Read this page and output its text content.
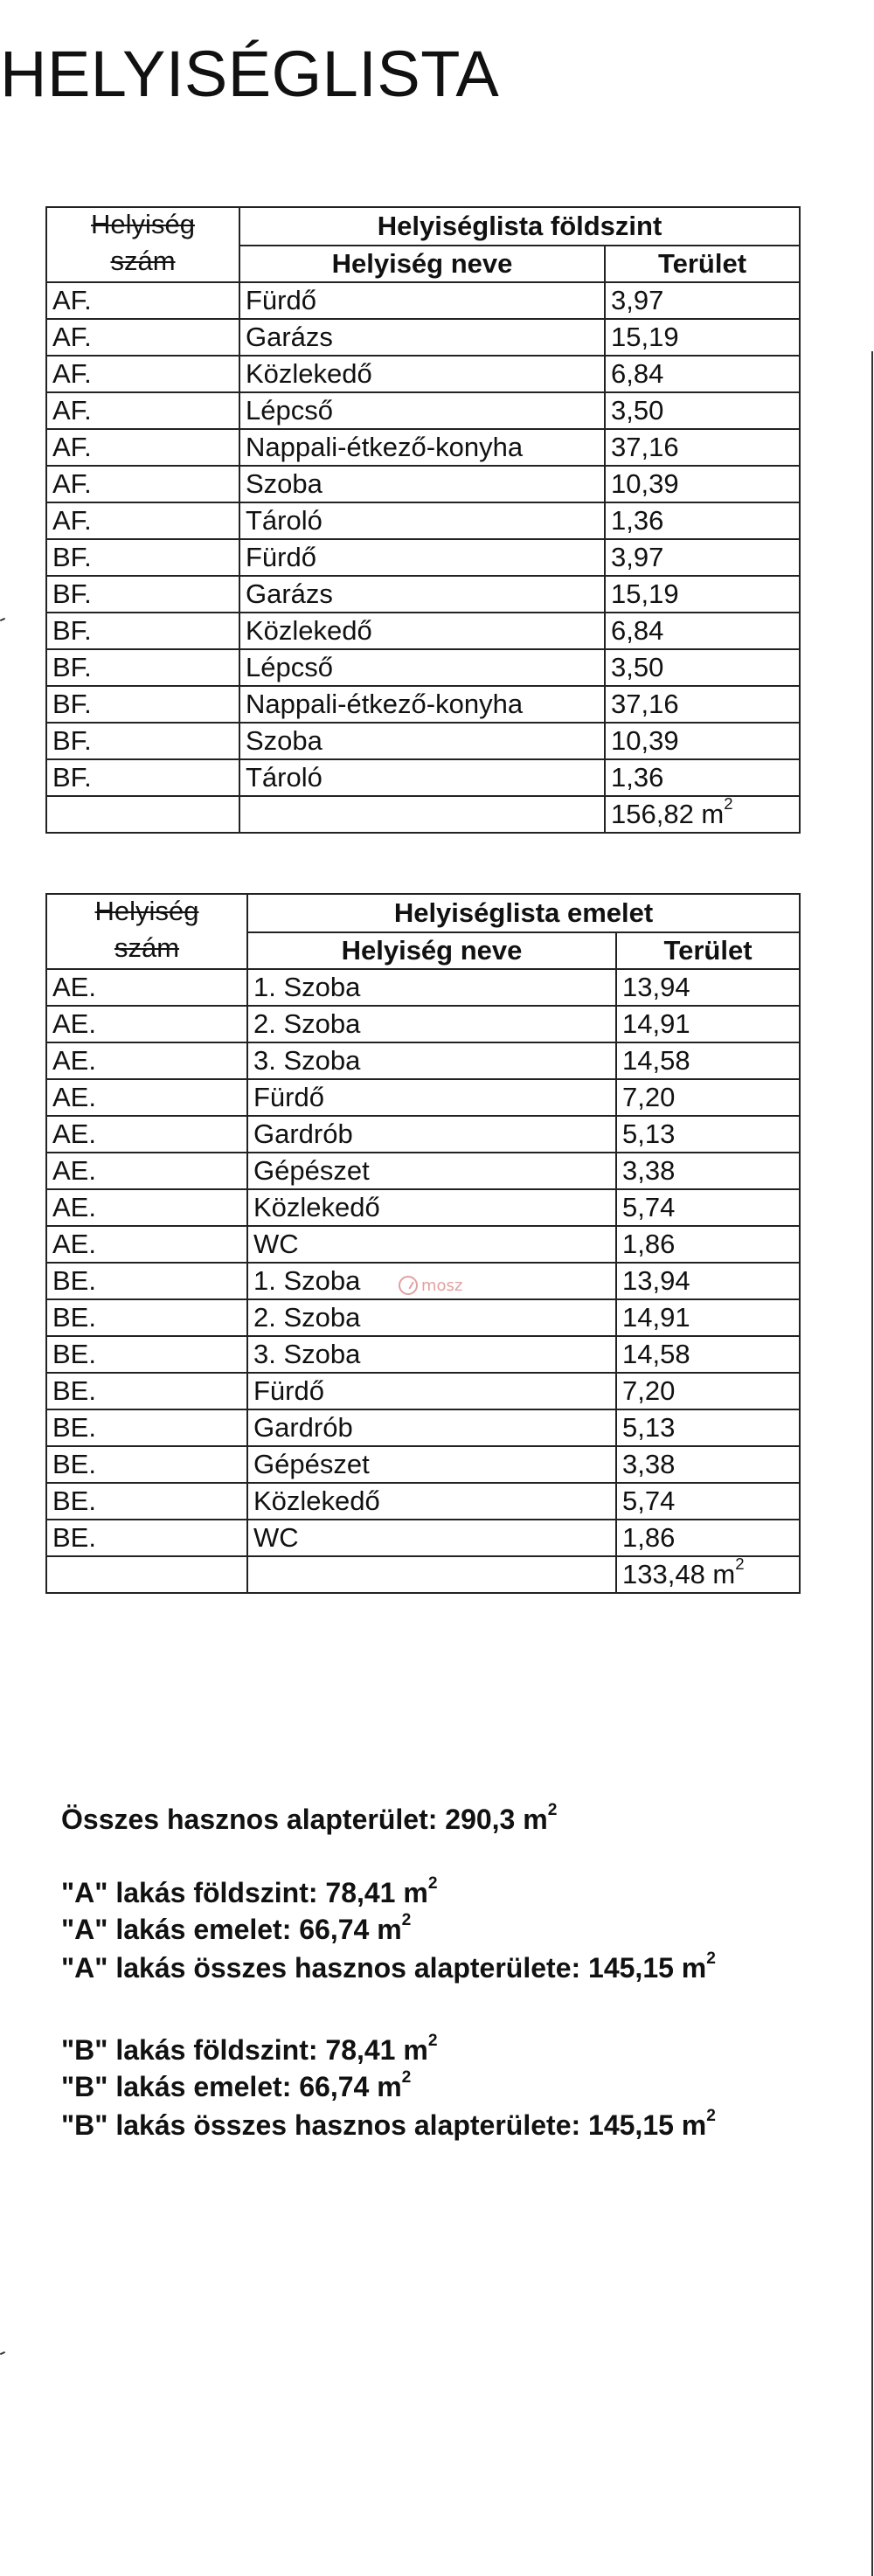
HELYISÉGLISTA
Helyiség
szám	Helyiséglista földszint	
	Helyiség neve	Terület
AF.	Fürdő	3,97
AF.	Garázs	15,19
AF.	Közlekedő	6,84
AF.	Lépcső	3,50
AF.	Nappali-étkező-konyha	37,16
AF.	Szoba	10,39
AF.	Tároló	1,36
BF.	Fürdő	3,97
BF.	Garázs	15,19
BF.	Közlekedő	6,84
BF.	Lépcső	3,50
BF.	Nappali-étkező-konyha	37,16
BF.	Szoba	10,39
BF.	Tároló	1,36
		156,82 $m^2$
Helyiség
szám	Helyiséglista emelet	
	Helyiség neve	Terület
AE.	1. Szoba	13,94
AE.	2. Szoba	14,91
AE.	3. Szoba	14,58
AE.	Fürdő	7,20
AE.	Gardrób	5,13
AE.	Gépészet	3,38
AE.	Közlekedő	5,74
AE.	WC	1,86
BE.	1. Szoba	13,94
BE.	2. Szoba	14,91
BE.	3. Szoba	14,58
BE.	Fürdő	7,20
BE.	Gardrób	5,13
BE.	Gépészet	3,38
BE.	Közlekedő	5,74
BE.	WC	1,86
		133,48 $m^2$
mosz
Összes hasznos alapterület: 290,3 $m^2$
"A" lakás földszint: 78,41 $m^2$
"A" lakás emelet: 66,74 $m^2$
"A" lakás összes hasznos alapterülete: 145,15 $m^2$
"B" lakás földszint: 78,41 $m^2$
"B" lakás emelet: 66,74 $m^2$
"B" lakás összes hasznos alapterülete: 145,15 $m^2$
